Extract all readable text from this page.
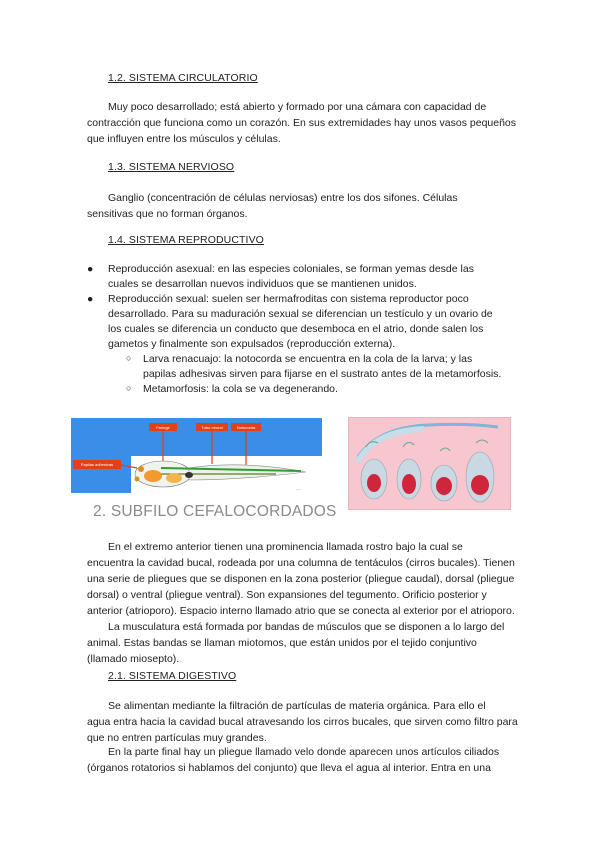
1.2. SISTEMA CIRCULATORIO
Muy poco desarrollado; está abierto y formado por una cámara con capacidad de
contracción que funciona como un corazón. En sus extremidades hay unos vasos pequeños
que influyen entre los músculos y células.
1.3. SISTEMA NERVIOSO
Ganglio (concentración de células nerviosas) entre los dos sifones. Células
sensitivas que no forman órganos.
1.4. SISTEMA REPRODUCTIVO
● Reproducción asexual: en las especies coloniales, se forman yemas desde las
cuales se desarrollan nuevos individuos que se mantienen unidos.
● Reproducción sexual: suelen ser hermafroditas con sistema reproductor poco
desarrollado. Para su maduración sexual se diferencian un testículo y un ovario de
los cuales se diferencia un conducto que desemboca en el atrio, donde salen los
gametos y finalmente son expulsados (reproducción externa).
○ Larva renacuajo: la notocorda se encuentra en la cola de la larva; y las
papilas adhesivas sirven para fijarse en el sustrato antes de la metamorfosis.
○ Metamorfosis: la cola se va degenerando.
Faringe	Tubo neural	Notocorda
Papilas adhesivas
~~~
2. SUBFILO CEFALOCORDADOS
En el extremo anterior tienen una prominencia llamada rostro bajo la cual se
encuentra la cavidad bucal, rodeada por una columna de tentáculos (cirros bucales). Tienen
una serie de pliegues que se disponen en la zona posterior (pliegue caudal), dorsal (pliegue
dorsal) o ventral (pliegue ventral). Son expansiones del tegumento. Orificio posterior y
anterior (atrioporo). Espacio interno llamado atrio que se conecta al exterior por el atrioporo.
La musculatura está formada por bandas de músculos que se disponen a lo largo del
animal. Estas bandas se llaman miotomos, que están unidos por el tejido conjuntivo
(llamado miosepto).
2.1. SISTEMA DIGESTIVO
Se alimentan mediante la filtración de partículas de materia orgánica. Para ello el
agua entra hacia la cavidad bucal atravesando los cirros bucales, que sirven como filtro para
que no entren partículas muy grandes.
En la parte final hay un pliegue llamado velo donde aparecen unos artículos ciliados
(órganos rotatorios si hablamos del conjunto) que lleva el agua al interior. Entra en una
